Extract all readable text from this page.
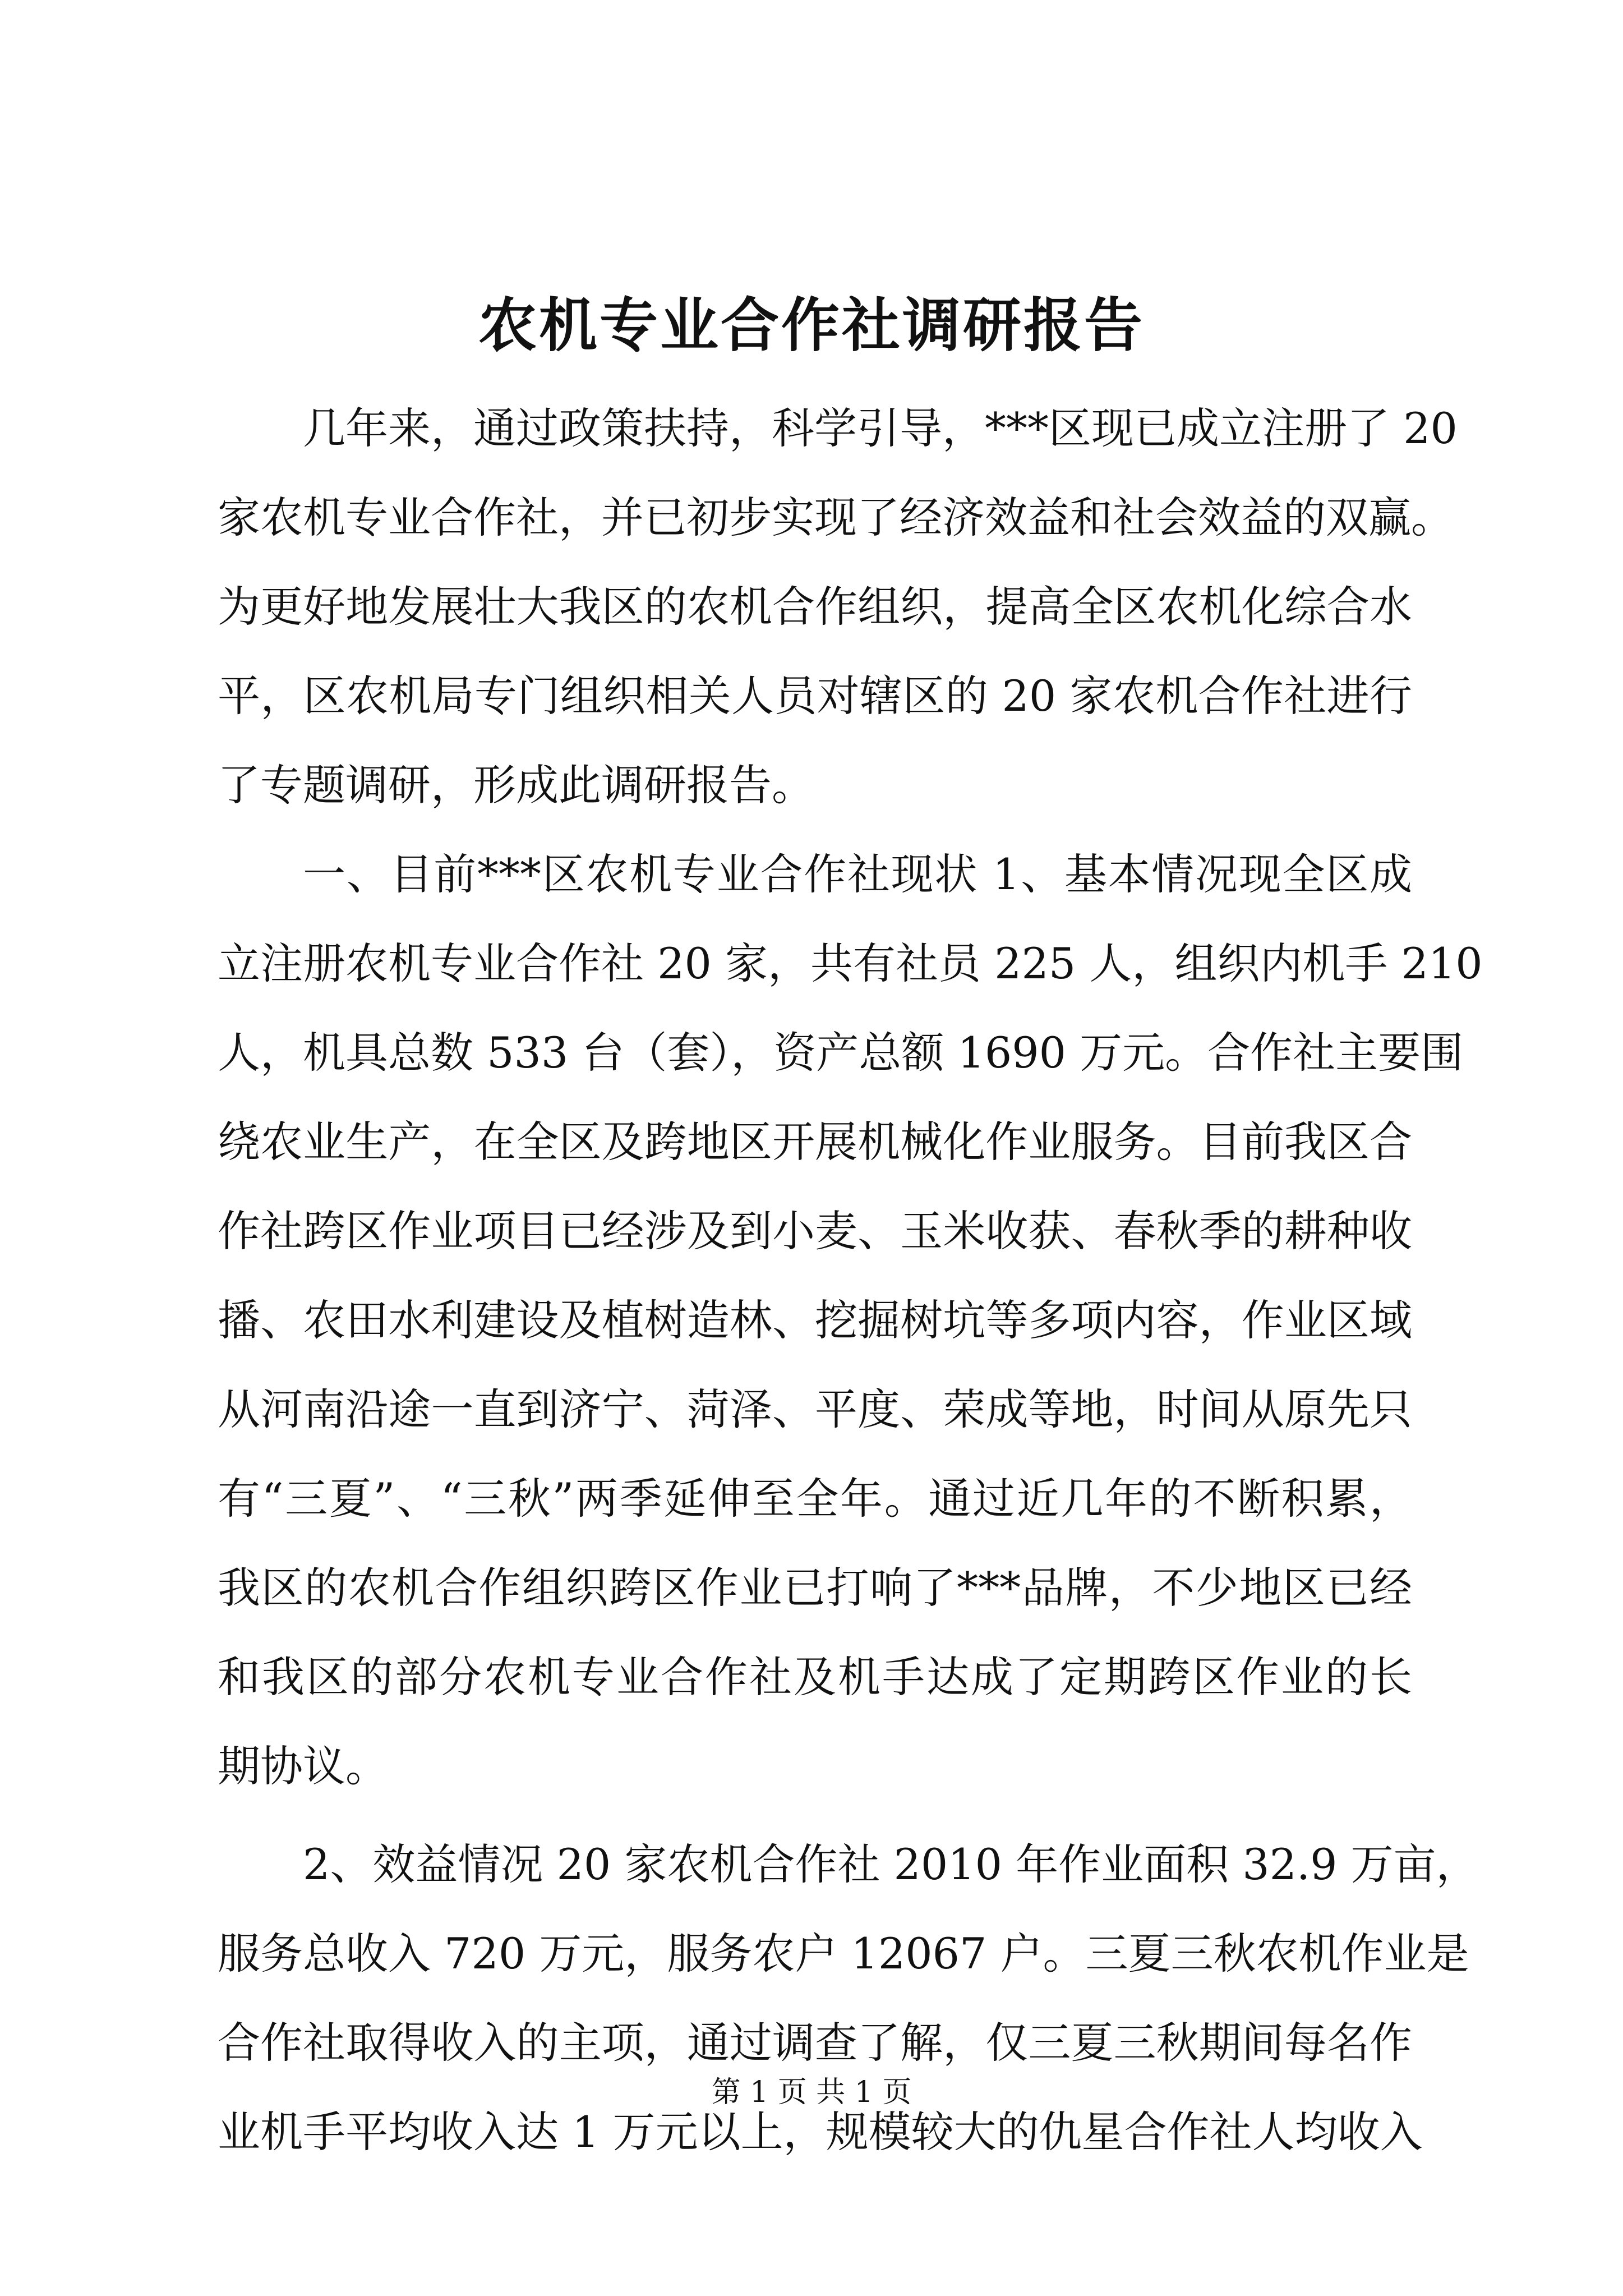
农机专业合作社调研报告
几年来，通过政策扶持，科学引导，***区现已成立注册了 20
家农机专业合作社，并已初步实现了经济效益和社会效益的双赢。
为更好地发展壮大我区的农机合作组织，提高全区农机化综合水
平，区农机局专门组织相关人员对辖区的 20 家农机合作社进行
了专题调研，形成此调研报告。
一、目前***区农机专业合作社现状 1、基本情况现全区成
立注册农机专业合作社 20 家，共有社员 225 人，组织内机手 210
人，机具总数 533 台（套），资产总额 1690 万元。合作社主要围
绕农业生产，在全区及跨地区开展机械化作业服务。目前我区合
作社跨区作业项目已经涉及到小麦、玉米收获、春秋季的耕种收
播、农田水利建设及植树造林、挖掘树坑等多项内容，作业区域
从河南沿途一直到济宁、菏泽、平度、荣成等地，时间从原先只
有“三夏”、“三秋”两季延伸至全年。通过近几年的不断积累，
我区的农机合作组织跨区作业已打响了***品牌，不少地区已经
和我区的部分农机专业合作社及机手达成了定期跨区作业的长
期协议。
2、效益情况 20 家农机合作社 2010 年作业面积 32.9 万亩，
服务总收入 720 万元，服务农户 12067 户。三夏三秋农机作业是
合作社取得收入的主项，通过调查了解，仅三夏三秋期间每名作
业机手平均收入达 1 万元以上，规模较大的仇星合作社人均收入
第 1 页 共 1 页
